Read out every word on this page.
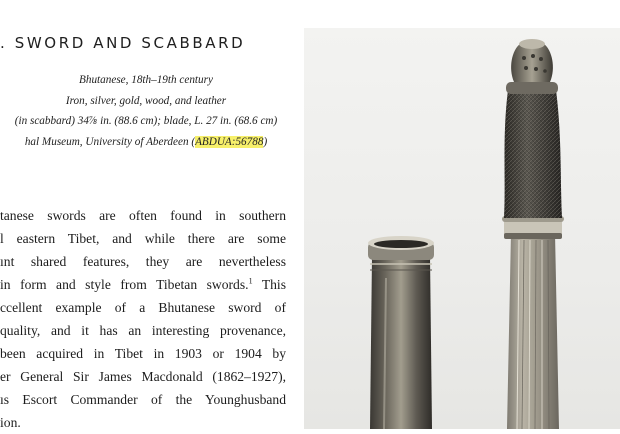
. SWORD AND SCABBARD
Bhutanese, 18th–19th century
Iron, silver, gold, wood, and leather
(in scabbard) 34⅞ in. (88.6 cm); blade, L. 27 in. (68.6 cm)
hal Museum, University of Aberdeen (ABDUA:56788)
tanese swords are often found in southern
l eastern Tibet, and while there are some
ınt shared features, they are nevertheless
in form and style from Tibetan swords.$^1$ This
ccellent example of a Bhutanese sword of
quality, and it has an interesting provenance,
been acquired in Tibet in 1903 or 1904 by
er General Sir James Macdonald (1862–1927),
ıs Escort Commander of the Younghusband
ion.
